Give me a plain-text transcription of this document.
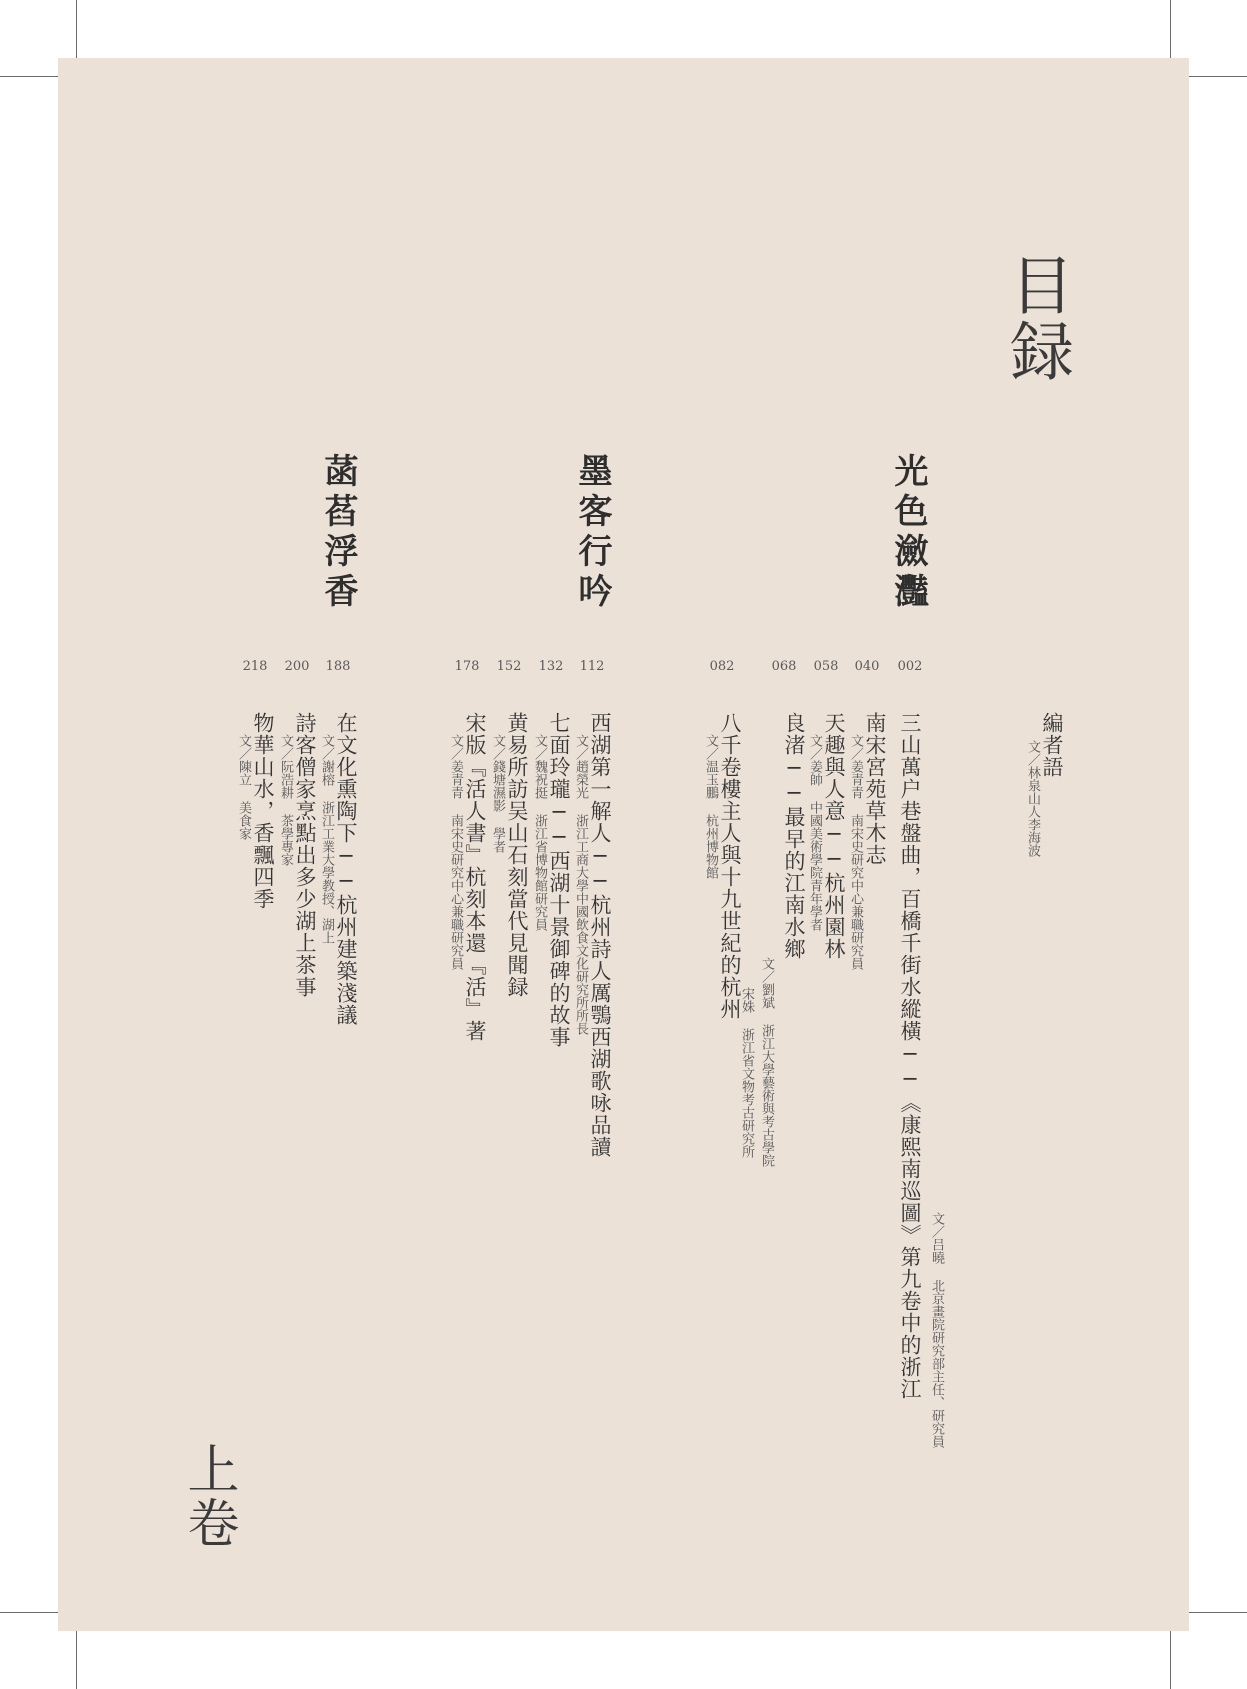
目録
上卷
編者語
文／林泉山人李海波
光色瀲灩
墨客行吟
菡萏浮香
002
040
058
068
082
112
132
152
178
188
200
218
三山萬户巷盤曲，百橋千街水縱橫──《康熙南巡圖》第九卷中的浙江 文／吕曉 北京畫院研究部主任、研究員
南宋宮苑草木志
文／姜青青 南宋史研究中心兼職研究員
天趣與人意──杭州園林
文／姜帥 中國美術學院青年學者
良渚──最早的江南水鄉
文／劉斌 浙江大學藝術與考古學院
宋姝 浙江省文物考古研究所
八千卷樓主人與十九世紀的杭州
文／温玉鵬 杭州博物館
西湖第一解人──杭州詩人厲鶚西湖歌咏品讀
文／趙榮光 浙江工商大學中國飲食文化研究所所長
七面玲瓏──西湖十景御碑的故事
文／魏祝挺 浙江省博物館研究員
黄易所訪吴山石刻當代見聞録
文／錢塘濕影 學者
宋版『活人書』杭刻本還『活』著
文／姜青青 南宋史研究中心兼職研究員
在文化熏陶下──杭州建築淺議
文／謝榕 浙江工業大學教授、湖上
詩客僧家烹點出多少湖上茶事
文／阮浩耕 茶學專家
物華山水，香飄四季
文／陳立 美食家
